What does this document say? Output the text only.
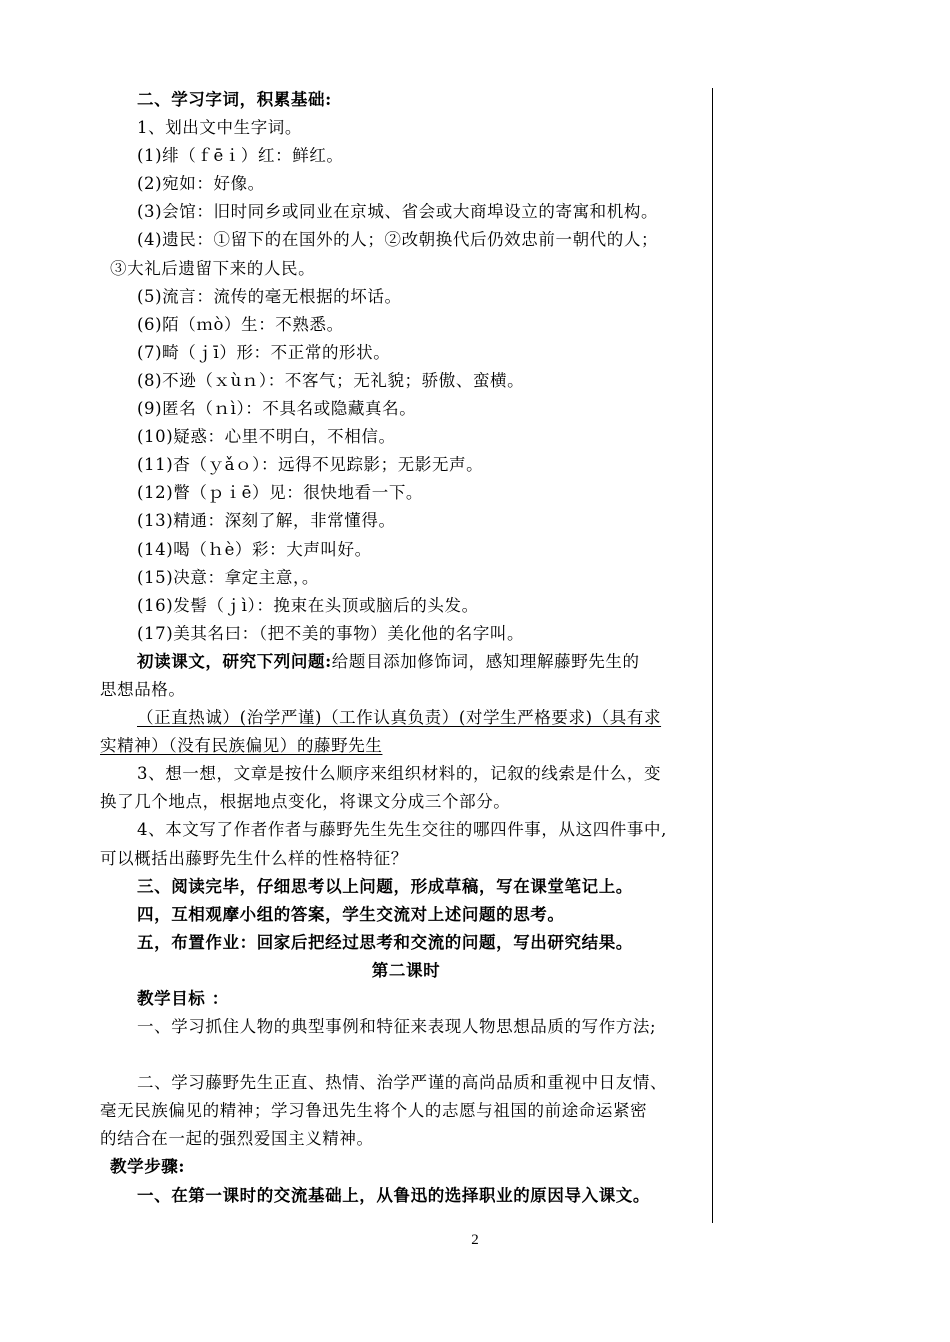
二、学习字词，积累基础:
1、划出文中生字词。
(1)绯（ｆēｉ）红：鲜红。
(2)宛如：好像。
(3)会馆：旧时同乡或同业在京城、省会或大商埠设立的寄寓和机构。
(4)遗民：①留下的在国外的人；②改朝换代后仍效忠前一朝代的人；
③大礼后遗留下来的人民。
(5)流言：流传的毫无根据的坏话。
(6)陌（ｍò）生：不熟悉。
(7)畸（ｊī）形：不正常的形状。
(8)不逊（ｘùｎ）：不客气；无礼貌；骄傲、蛮横。
(9)匿名（ｎì）：不具名或隐藏真名。
(10)疑惑：心里不明白，不相信。
(11)杳（ｙǎｏ）：远得不见踪影；无影无声。
(12)瞥（ｐｉē）见：很快地看一下。
(13)精通：深刻了解，非常懂得。
(14)喝（ｈè）彩：大声叫好。
(15)决意：拿定主意，。
(16)发髻（ｊì）：挽束在头顶或脑后的头发。
(17)美其名曰：（把不美的事物）美化他的名字叫。
初读课文，研究下列问题:给题目添加修饰词，感知理解藤野先生的
思想品格。
（正直热诚）(治学严谨)（工作认真负责）(对学生严格要求)（具有求
实精神）（没有民族偏见）的藤野先生
3、想一想，文章是按什么顺序来组织材料的，记叙的线索是什么，变
换了几个地点，根据地点变化，将课文分成三个部分。
4、本文写了作者作者与藤野先生先生交往的哪四件事，从这四件事中,
可以概括出藤野先生什么样的性格特征？
三、阅读完毕，仔细思考以上问题，形成草稿，写在课堂笔记上。
四，互相观摩小组的答案，学生交流对上述问题的思考。
五，布置作业：回家后把经过思考和交流的问题，写出研究结果。
第二课时
教学目标 ：
一、学习抓住人物的典型事例和特征来表现人物思想品质的写作方法;
二、学习藤野先生正直、热情、治学严谨的高尚品质和重视中日友情、
毫无民族偏见的精神；学习鲁迅先生将个人的志愿与祖国的前途命运紧密
的结合在一起的强烈爱国主义精神。
教学步骤:
一、在第一课时的交流基础上，从鲁迅的选择职业的原因导入课文。
2
